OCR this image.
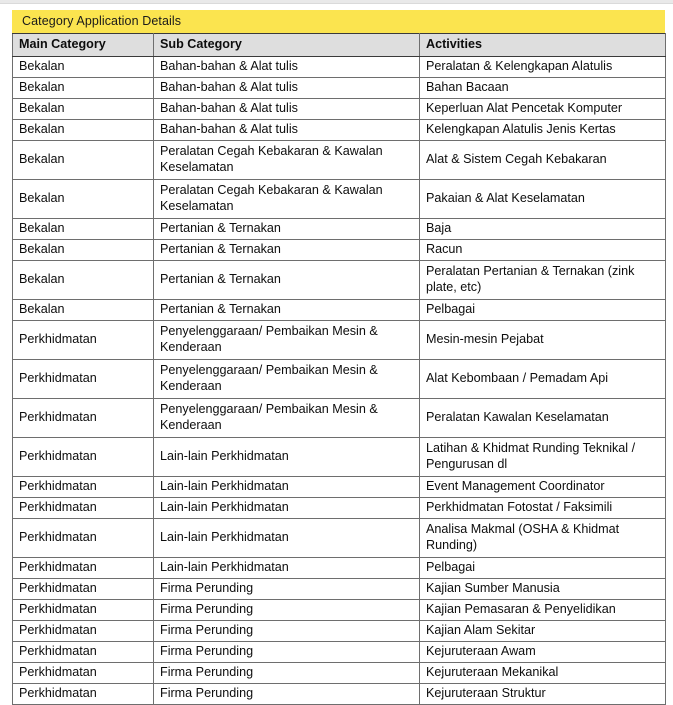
Category Application Details
Main Category	Sub Category	Activities
Bekalan	Bahan-bahan & Alat tulis	Peralatan & Kelengkapan Alatulis
Bekalan	Bahan-bahan & Alat tulis	Bahan Bacaan
Bekalan	Bahan-bahan & Alat tulis	Keperluan Alat Pencetak Komputer
Bekalan	Bahan-bahan & Alat tulis	Kelengkapan Alatulis Jenis Kertas
Bekalan	Peralatan Cegah Kebakaran & Kawalan Keselamatan	Alat & Sistem Cegah Kebakaran
Bekalan	Peralatan Cegah Kebakaran & Kawalan Keselamatan	Pakaian & Alat Keselamatan
Bekalan	Pertanian & Ternakan	Baja
Bekalan	Pertanian & Ternakan	Racun
Bekalan	Pertanian & Ternakan	Peralatan Pertanian & Ternakan (zink plate, etc)
Bekalan	Pertanian & Ternakan	Pelbagai
Perkhidmatan	Penyelenggaraan/ Pembaikan Mesin & Kenderaan	Mesin-mesin Pejabat
Perkhidmatan	Penyelenggaraan/ Pembaikan Mesin & Kenderaan	Alat Kebombaan / Pemadam Api
Perkhidmatan	Penyelenggaraan/ Pembaikan Mesin & Kenderaan	Peralatan Kawalan Keselamatan
Perkhidmatan	Lain-lain Perkhidmatan	Latihan & Khidmat Runding Teknikal / Pengurusan dl
Perkhidmatan	Lain-lain Perkhidmatan	Event Management Coordinator
Perkhidmatan	Lain-lain Perkhidmatan	Perkhidmatan Fotostat / Faksimili
Perkhidmatan	Lain-lain Perkhidmatan	Analisa Makmal (OSHA & Khidmat Runding)
Perkhidmatan	Lain-lain Perkhidmatan	Pelbagai
Perkhidmatan	Firma Perunding	Kajian Sumber Manusia
Perkhidmatan	Firma Perunding	Kajian Pemasaran & Penyelidikan
Perkhidmatan	Firma Perunding	Kajian Alam Sekitar
Perkhidmatan	Firma Perunding	Kejuruteraan Awam
Perkhidmatan	Firma Perunding	Kejuruteraan Mekanikal
Perkhidmatan	Firma Perunding	Kejuruteraan Struktur
